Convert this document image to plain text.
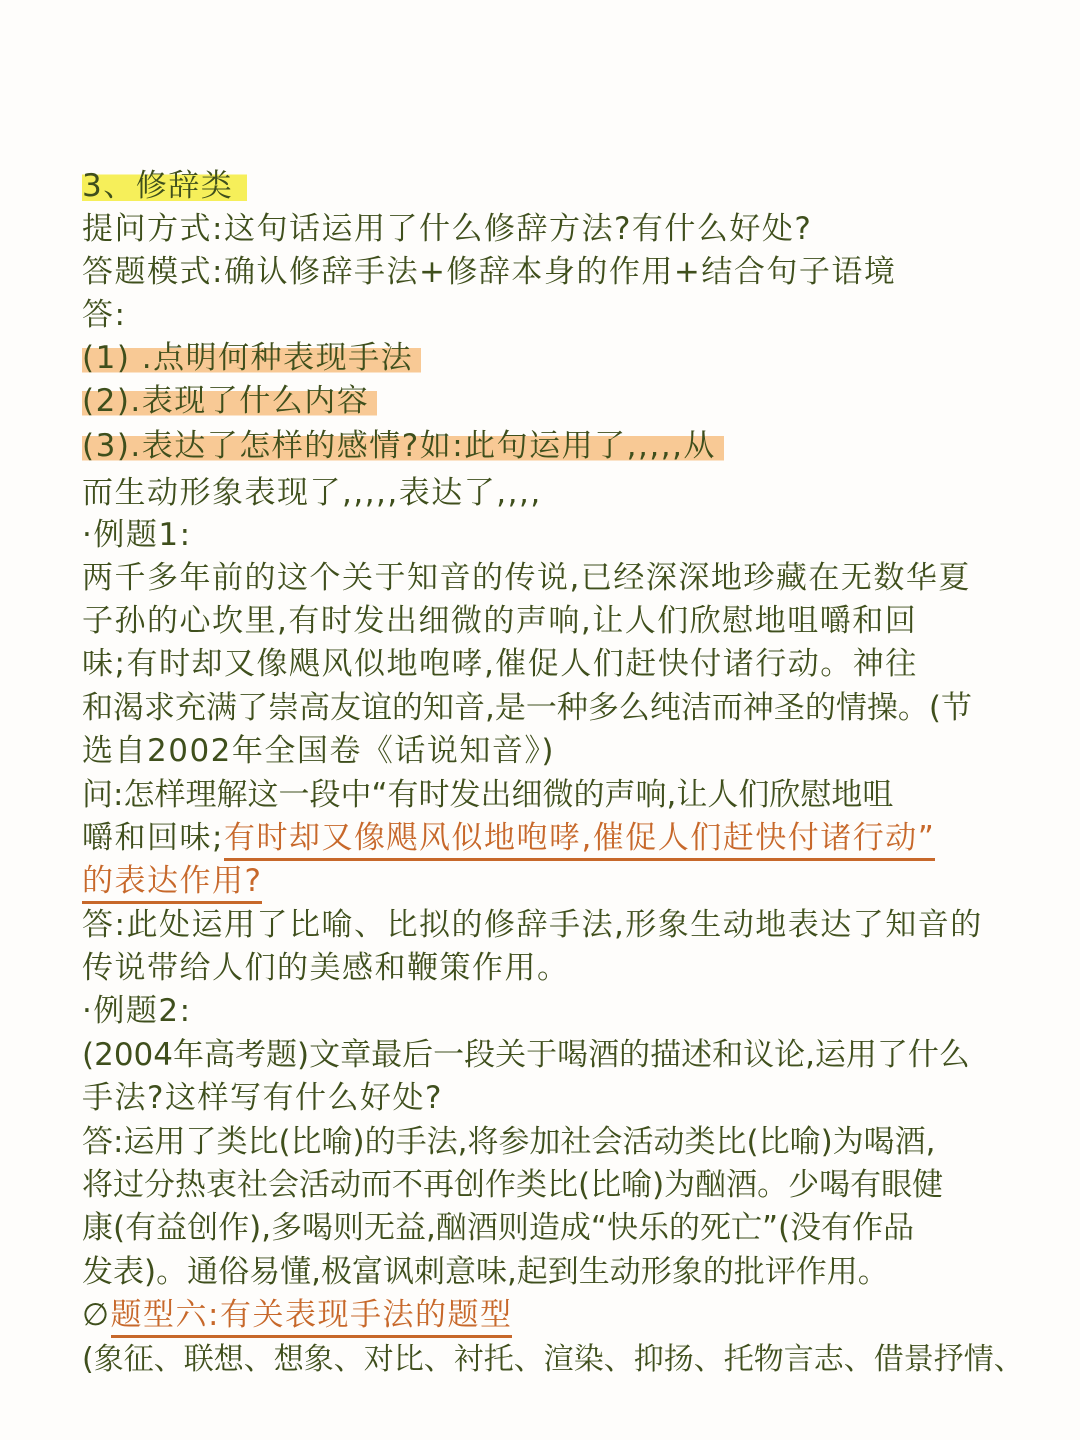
3、修辞类
提问方式:这句话运用了什么修辞方法?有什么好处?
答题模式:确认修辞手法+修辞本身的作用+结合句子语境
答:
(1) .点明何种表现手法
(2).表现了什么内容
(3).表达了怎样的感情?如:此句运用了,,,,,从
而生动形象表现了,,,,,表达了,,,,
·例题1:
两千多年前的这个关于知音的传说,已经深深地珍藏在无数华夏
子孙的心坎里,有时发出细微的声响,让人们欣慰地咀嚼和回
味;有时却又像飓风似地咆哮,催促人们赶快付诸行动。神往
和渴求充满了崇高友谊的知音,是一种多么纯洁而神圣的情操。(节
选自2002年全国卷《话说知音》)
问:怎样理解这一段中“有时发出细微的声响,让人们欣慰地咀
嚼和回味;有时却又像飓风似地咆哮,催促人们赶快付诸行动”
的表达作用?
答:此处运用了比喻、比拟的修辞手法,形象生动地表达了知音的
传说带给人们的美感和鞭策作用。
·例题2:
(2004年高考题)文章最后一段关于喝酒的描述和议论,运用了什么
手法?这样写有什么好处?
答:运用了类比(比喻)的手法,将参加社会活动类比(比喻)为喝酒,
将过分热衷社会活动而不再创作类比(比喻)为酗酒。少喝有眼健
康(有益创作),多喝则无益,酗酒则造成“快乐的死亡”(没有作品
发表)。通俗易懂,极富讽刺意味,起到生动形象的批评作用。
∅题型六:有关表现手法的题型
(象征、联想、想象、对比、衬托、渲染、抑扬、托物言志、借景抒情、
